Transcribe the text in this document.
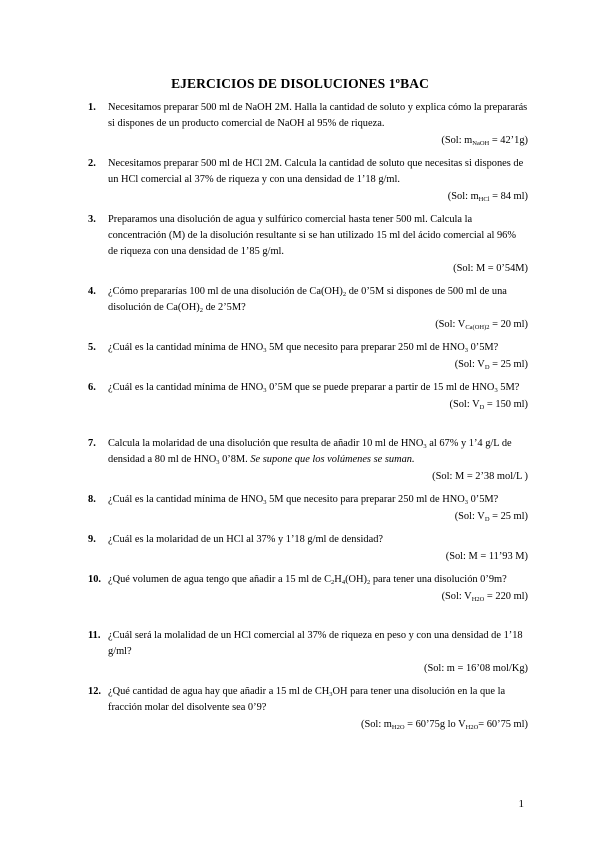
EJERCICIOS DE DISOLUCIONES 1ºBAC
1. Necesitamos preparar 500 ml de NaOH 2M. Halla la cantidad de soluto y explica cómo la prepararás si dispones de un producto comercial de NaOH al 95% de riqueza.
(Sol: $m_{NaOH}$ = 42’1g)
2. Necesitamos preparar 500 ml de HCl 2M. Calcula la cantidad de soluto que necesitas si dispones de un HCl comercial al 37% de riqueza y con una densidad de 1’18 g/ml.
(Sol: $m_{HCl} = 84$ ml)
3. Preparamos una disolución de agua y sulfúrico comercial hasta tener 500 ml. Calcula la concentración (M) de la disolución resultante si se han utilizado 15 ml del ácido comercial al 96% de riqueza con una densidad de 1’85 g/ml.
(Sol: M = 0’54M)
4. ¿Cómo prepararías 100 ml de una disolución de $Ca(OH)_2$ de 0’5M si dispones de 500 ml de una disolución de $Ca(OH)_2$ de 2’5M?
(Sol: $V_{Ca(OH)2} = 20$ ml)
5. ¿Cuál es la cantidad mínima de $HNO_3$ 5M que necesito para preparar 250 ml de $HNO_3$ 0’5M?
(Sol: $V_D = 25$ ml)
6. ¿Cuál es la cantidad mínima de $HNO_3$ 0’5M que se puede preparar a partir de 15 ml de $HNO_3$ 5M?
(Sol: $V_D = 150$ ml)
7. Calcula la molaridad de una disolución que resulta de añadir 10 ml de $HNO_3$ al 67% y 1’4 g/L de densidad a 80 ml de $HNO_3$ 0’8M. Se supone que los volúmenes se suman.
(Sol: M = 2’38 mol/L )
8. ¿Cuál es la cantidad mínima de $HNO_3$ 5M que necesito para preparar 250 ml de $HNO_3$ 0’5M?
(Sol: $V_D = 25$ ml)
9. ¿Cuál es la molaridad de un HCl al 37% y 1’18 g/ml de densidad?
(Sol: M = 11’93 M)
10. ¿Qué volumen de agua tengo que añadir a 15 ml de $C_2H_4(OH)_2$ para tener una disolución 0’9m?
(Sol: $V_{H2O} = 220$ ml)
11. ¿Cuál será la molalidad de un HCl comercial al 37% de riqueza en peso y con una densidad de 1’18 g/ml?
(Sol: m = 16’08 mol/Kg)
12. ¿Qué cantidad de agua hay que añadir a 15 ml de $CH_3OH$ para tener una disolución en la que la fracción molar del disolvente sea 0’9?
(Sol: $m_{H2O}$ = 60’75g lo $V_{H2O}=$ 60’75 ml)
1
